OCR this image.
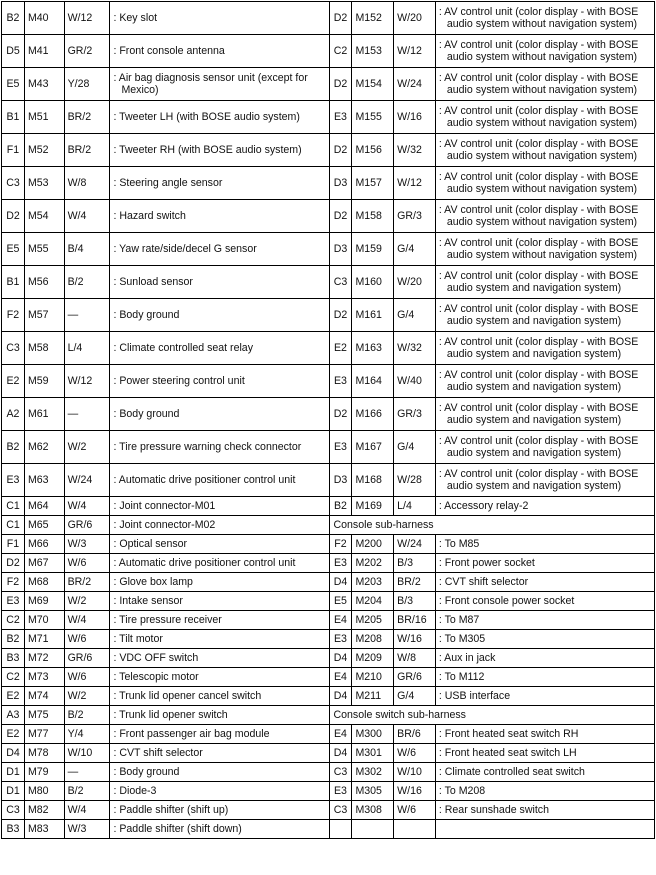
B2	M40	W/12	: Key slot	D2	M152	W/20	: AV control unit (color display - with BOSE audio system without navigation system)

D5	M41	GR/2	: Front console antenna	C2	M153	W/12	: AV control unit (color display - with BOSE audio system without navigation system)

E5	M43	Y/28	: Air bag diagnosis sensor unit (except for Mexico)	D2	M154	W/24	: AV control unit (color display - with BOSE audio system without navigation system)

B1	M51	BR/2	: Tweeter LH (with BOSE audio system)	E3	M155	W/16	: AV control unit (color display - with BOSE audio system without navigation system)

F1	M52	BR/2	: Tweeter RH (with BOSE audio system)	D2	M156	W/32	: AV control unit (color display - with BOSE audio system without navigation system)

C3	M53	W/8	: Steering angle sensor	D3	M157	W/12	: AV control unit (color display - with BOSE audio system without navigation system)

D2	M54	W/4	: Hazard switch	D2	M158	GR/3	: AV control unit (color display - with BOSE audio system without navigation system)

E5	M55	B/4	: Yaw rate/side/decel G sensor	D3	M159	G/4	: AV control unit (color display - with BOSE audio system without navigation system)

B1	M56	B/2	: Sunload sensor	C3	M160	W/20	: AV control unit (color display - with BOSE audio system and navigation system)

F2	M57	—	: Body ground	D2	M161	G/4	: AV control unit (color display - with BOSE audio system and navigation system)

C3	M58	L/4	: Climate controlled seat relay	E2	M163	W/32	: AV control unit (color display - with BOSE audio system and navigation system)

E2	M59	W/12	: Power steering control unit	E3	M164	W/40	: AV control unit (color display - with BOSE audio system and navigation system)

A2	M61	—	: Body ground	D2	M166	GR/3	: AV control unit (color display - with BOSE audio system and navigation system)

B2	M62	W/2	: Tire pressure warning check connector	E3	M167	G/4	: AV control unit (color display - with BOSE audio system and navigation system)

E3	M63	W/24	: Automatic drive positioner control unit	D3	M168	W/28	: AV control unit (color display - with BOSE audio system and navigation system)

C1	M64	W/4	: Joint connector-M01	B2	M169	L/4	: Accessory relay-2

C1	M65	GR/6	: Joint connector-M02	Console sub-harness			
F1	M66	W/3	: Optical sensor	F2	M200	W/24	: To M85

D2	M67	W/6	: Automatic drive positioner control unit	E3	M202	B/3	: Front power socket

F2	M68	BR/2	: Glove box lamp	D4	M203	BR/2	: CVT shift selector

E3	M69	W/2	: Intake sensor	E5	M204	B/3	: Front console power socket

C2	M70	W/4	: Tire pressure receiver	E4	M205	BR/16	: To M87

B2	M71	W/6	: Tilt motor	E3	M208	W/16	: To M305

B3	M72	GR/6	: VDC OFF switch	D4	M209	W/8	: Aux in jack

C2	M73	W/6	: Telescopic motor	E4	M210	GR/6	: To M112

E2	M74	W/2	: Trunk lid opener cancel switch	D4	M211	G/4	: USB interface

A3	M75	B/2	: Trunk lid opener switch	Console switch sub-harness			
E2	M77	Y/4	: Front passenger air bag module	E4	M300	BR/6	: Front heated seat switch RH

D4	M78	W/10	: CVT shift selector	D4	M301	W/6	: Front heated seat switch LH

D1	M79	—	: Body ground	C3	M302	W/10	: Climate controlled seat switch

D1	M80	B/2	: Diode-3	E3	M305	W/16	: To M208

C3	M82	W/4	: Paddle shifter (shift up)	C3	M308	W/6	: Rear sunshade switch

B3	M83	W/3	: Paddle shifter (shift down)				
